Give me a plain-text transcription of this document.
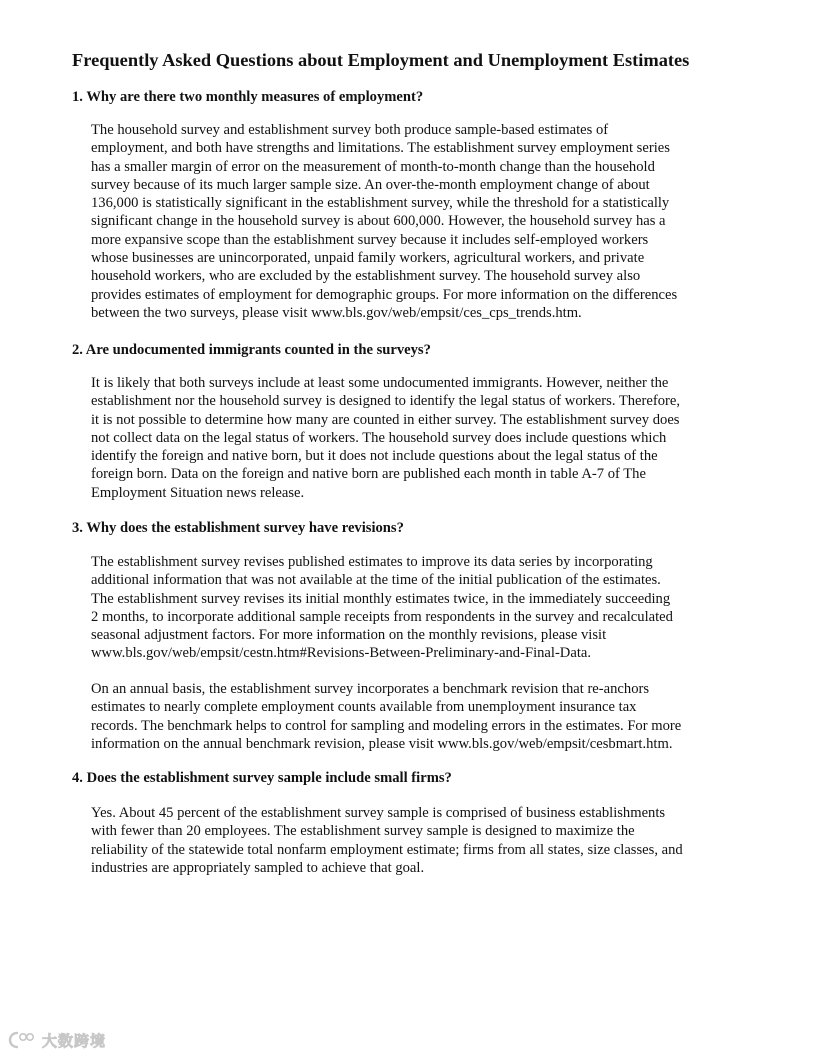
Frequently Asked Questions about Employment and Unemployment Estimates
1. Why are there two monthly measures of employment?

The household survey and establishment survey both produce sample-based estimates of
employment, and both have strengths and limitations. The establishment survey employment series
has a smaller margin of error on the measurement of month-to-month change than the household
survey because of its much larger sample size. An over-the-month employment change of about
136,000 is statistically significant in the establishment survey, while the threshold for a statistically
significant change in the household survey is about 600,000. However, the household survey has a
more expansive scope than the establishment survey because it includes self-employed workers
whose businesses are unincorporated, unpaid family workers, agricultural workers, and private
household workers, who are excluded by the establishment survey. The household survey also
provides estimates of employment for demographic groups. For more information on the differences
between the two surveys, please visit www.bls.gov/web/empsit/ces_cps_trends.htm.

2. Are undocumented immigrants counted in the surveys?

It is likely that both surveys include at least some undocumented immigrants. However, neither the
establishment nor the household survey is designed to identify the legal status of workers. Therefore,
it is not possible to determine how many are counted in either survey. The establishment survey does
not collect data on the legal status of workers. The household survey does include questions which
identify the foreign and native born, but it does not include questions about the legal status of the
foreign born. Data on the foreign and native born are published each month in table A-7 of The
Employment Situation news release.

3. Why does the establishment survey have revisions?

The establishment survey revises published estimates to improve its data series by incorporating
additional information that was not available at the time of the initial publication of the estimates.
The establishment survey revises its initial monthly estimates twice, in the immediately succeeding
2 months, to incorporate additional sample receipts from respondents in the survey and recalculated
seasonal adjustment factors. For more information on the monthly revisions, please visit
www.bls.gov/web/empsit/cestn.htm#Revisions-Between-Preliminary-and-Final-Data.

On an annual basis, the establishment survey incorporates a benchmark revision that re-anchors
estimates to nearly complete employment counts available from unemployment insurance tax
records. The benchmark helps to control for sampling and modeling errors in the estimates. For more
information on the annual benchmark revision, please visit www.bls.gov/web/empsit/cesbmart.htm.

4. Does the establishment survey sample include small firms?

Yes. About 45 percent of the establishment survey sample is comprised of business establishments
with fewer than 20 employees. The establishment survey sample is designed to maximize the
reliability of the statewide total nonfarm employment estimate; firms from all states, size classes, and
industries are appropriately sampled to achieve that goal.

大数跨境
